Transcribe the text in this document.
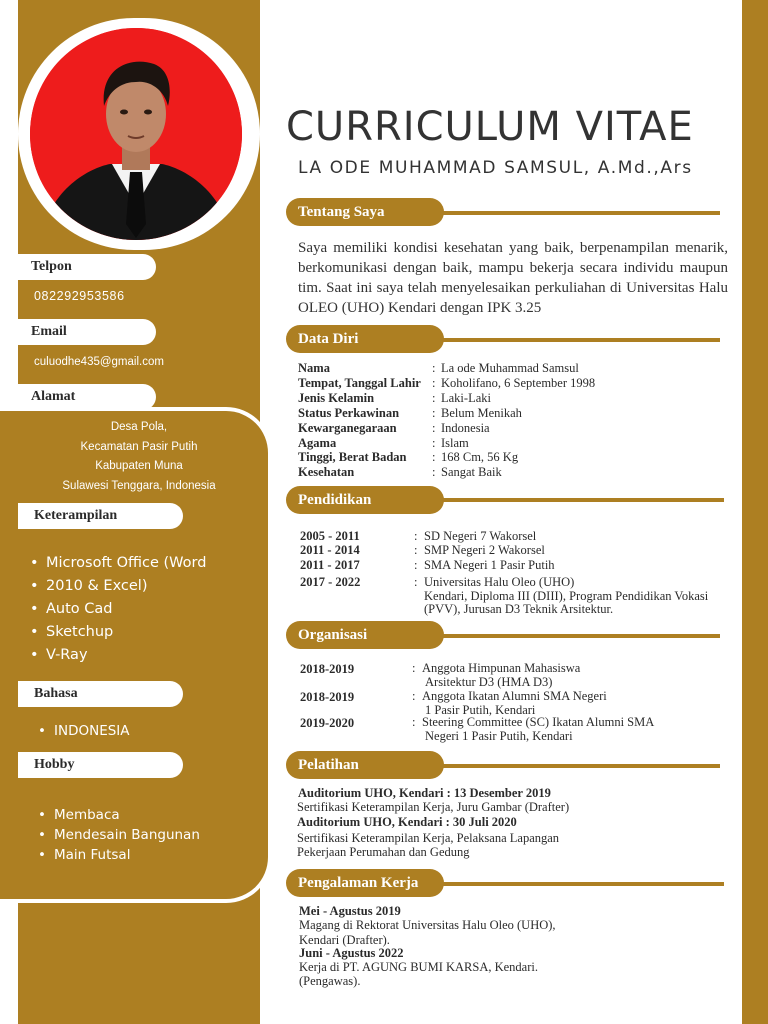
Telpon
082292953586
Email
culuodhe435@gmail.com
Alamat
Desa Pola,
Kecamatan Pasir Putih
Kabupaten Muna
Sulawesi Tenggara, Indonesia
Keterampilan
• Microsoft Office (Word
• 2010 & Excel)
• Auto Cad
• Sketchup
• V-Ray
Bahasa
• INDONESIA
Hobby
• Membaca
• Mendesain Bangunan
• Main Futsal
CURRICULUM VITAE
LA ODE MUHAMMAD SAMSUL, A.Md.,Ars
Tentang Saya
Saya memiliki kondisi kesehatan yang baik, berpenampilan menarik, berkomunikasi dengan baik, mampu bekerja secara individu maupun tim. Saat ini saya telah menyelesaikan perkuliahan di Universitas Halu OLEO (UHO) Kendari dengan IPK 3.25
Data Diri
Nama	: La ode Muhammad Samsul
Tempat, Tanggal Lahir : Koholifano, 6 September 1998
Jenis Kelamin	: Laki-Laki
Status Perkawinan	: Belum Menikah
Kewarganegaraan	: Indonesia
Agama	: Islam
Tinggi, Berat Badan : 168 Cm, 56 Kg
Kesehatan	: Sangat Baik
Pendidikan
2005 - 2011	: SD Negeri 7 Wakorsel
2011 - 2014	: SMP Negeri 2 Wakorsel
2011 - 2017	: SMA Negeri 1 Pasir Putih
2017 - 2022	: Universitas Halu Oleo (UHO)
Kendari, Diploma III (DIII), Program Pendidikan Vokasi
(PVV), Jurusan D3 Teknik Arsitektur.
Organisasi
2018-2019	: Anggota Himpunan Mahasiswa
Arsitektur D3 (HMA D3)
2018-2019	: Anggota Ikatan Alumni SMA Negeri
1 Pasir Putih, Kendari
2019-2020	: Steering Committee (SC) Ikatan Alumni SMA
Negeri 1 Pasir Putih, Kendari
Pelatihan
Auditorium UHO, Kendari : 13 Desember 2019
Sertifikasi Keterampilan Kerja, Juru Gambar (Drafter)
Auditorium UHO, Kendari : 30 Juli 2020
Sertifikasi Keterampilan Kerja, Pelaksana Lapangan
Pekerjaan Perumahan dan Gedung
Pengalaman Kerja
Mei - Agustus 2019
Magang di Rektorat Universitas Halu Oleo (UHO),
Kendari (Drafter).
Juni - Agustus 2022
Kerja di PT. AGUNG BUMI KARSA, Kendari.
(Pengawas).
